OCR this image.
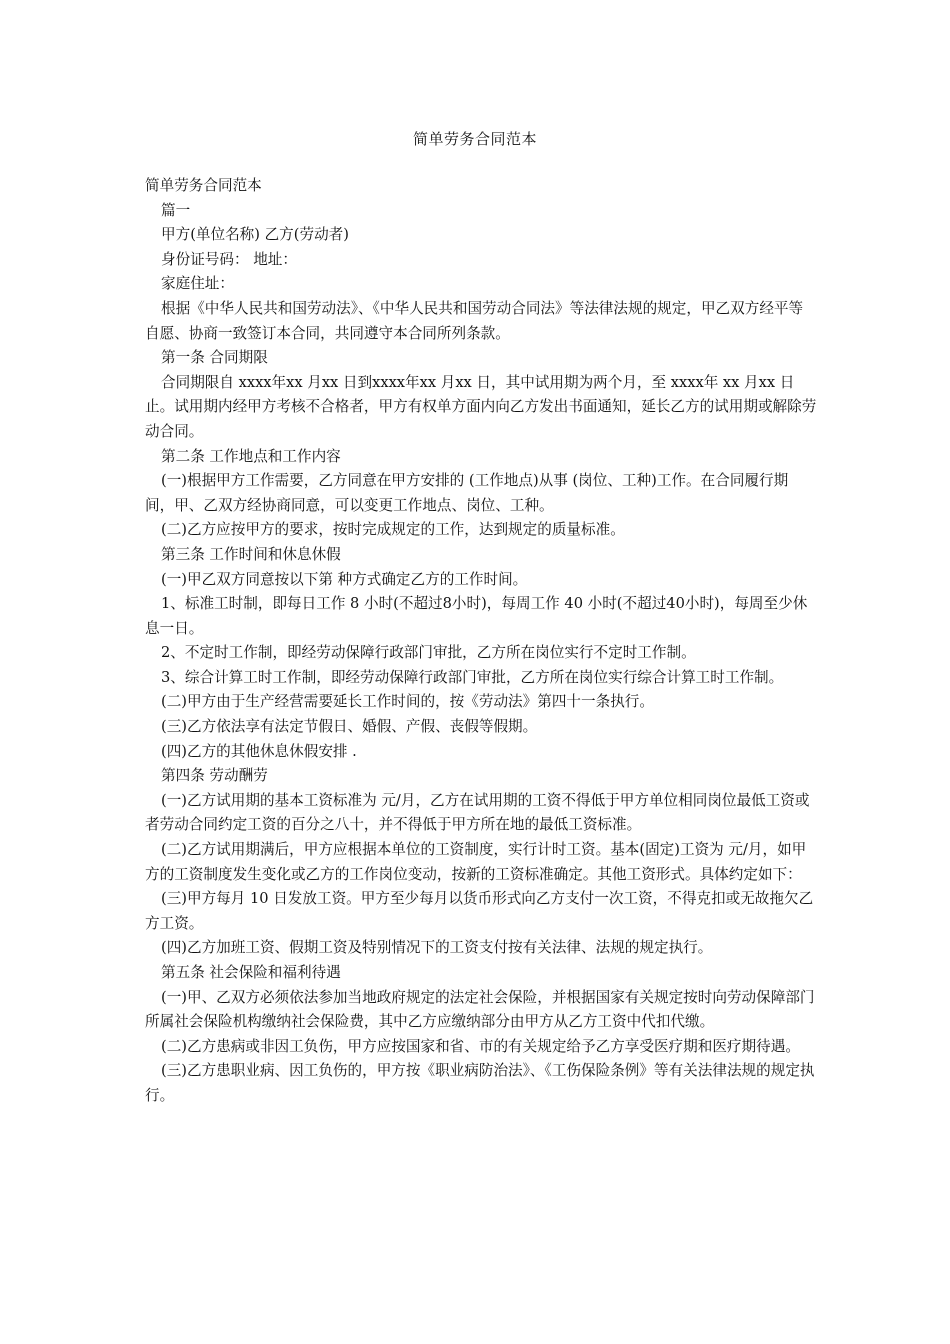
简单劳务合同范本

简单劳务合同范本

篇一

甲方(单位名称) 乙方(劳动者)

身份证号码： 地址：

家庭住址：

根据《中华人民共和国劳动法》、《中华人民共和国劳动合同法》等法律法规的规定，甲乙双方经平等自愿、协商一致签订本合同，共同遵守本合同所列条款。

第一条 合同期限

合同期限自 xxxx年xx 月xx 日到xxxx年xx 月xx 日，其中试用期为两个月，至 xxxx年 xx 月xx 日止。试用期内经甲方考核不合格者，甲方有权单方面内向乙方发出书面通知，延长乙方的试用期或解除劳动合同。

第二条 工作地点和工作内容

(一)根据甲方工作需要，乙方同意在甲方安排的 (工作地点)从事 (岗位、工种)工作。在合同履行期间，甲、乙双方经协商同意，可以变更工作地点、岗位、工种。

(二)乙方应按甲方的要求，按时完成规定的工作，达到规定的质量标准。

第三条 工作时间和休息休假

(一)甲乙双方同意按以下第 种方式确定乙方的工作时间。

1、标准工时制，即每日工作 8 小时(不超过8小时)，每周工作 40 小时(不超过40小时)，每周至少休息一日。

2、不定时工作制，即经劳动保障行政部门审批，乙方所在岗位实行不定时工作制。

3、综合计算工时工作制，即经劳动保障行政部门审批，乙方所在岗位实行综合计算工时工作制。

(二)甲方由于生产经营需要延长工作时间的，按《劳动法》第四十一条执行。

(三)乙方依法享有法定节假日、婚假、产假、丧假等假期。

(四)乙方的其他休息休假安排 .

第四条 劳动酬劳

(一)乙方试用期的基本工资标准为 元/月，乙方在试用期的工资不得低于甲方单位相同岗位最低工资或者劳动合同约定工资的百分之八十，并不得低于甲方所在地的最低工资标准。

(二)乙方试用期满后，甲方应根据本单位的工资制度，实行计时工资。基本(固定)工资为 元/月，如甲方的工资制度发生变化或乙方的工作岗位变动，按新的工资标准确定。其他工资形式。具体约定如下：

(三)甲方每月 10 日发放工资。甲方至少每月以货币形式向乙方支付一次工资，不得克扣或无故拖欠乙方工资。

(四)乙方加班工资、假期工资及特别情况下的工资支付按有关法律、法规的规定执行。

第五条 社会保险和福利待遇

(一)甲、乙双方必须依法参加当地政府规定的法定社会保险，并根据国家有关规定按时向劳动保障部门所属社会保险机构缴纳社会保险费，其中乙方应缴纳部分由甲方从乙方工资中代扣代缴。

(二)乙方患病或非因工负伤，甲方应按国家和省、市的有关规定给予乙方享受医疗期和医疗期待遇。

(三)乙方患职业病、因工负伤的，甲方按《职业病防治法》、《工伤保险条例》等有关法律法规的规定执行。
